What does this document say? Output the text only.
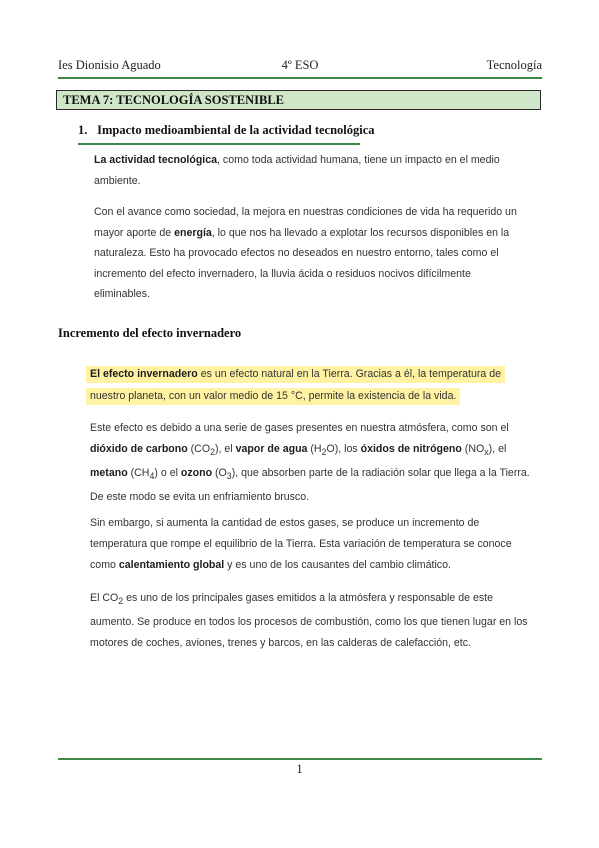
Ies Dionisio Aguado	4º ESO	Tecnología
TEMA 7: TECNOLOGÍA SOSTENIBLE
1. Impacto medioambiental de la actividad tecnológica
La actividad tecnológica, como toda actividad humana, tiene un impacto en el medio ambiente.
Con el avance como sociedad, la mejora en nuestras condiciones de vida ha requerido un mayor aporte de energía, lo que nos ha llevado a explotar los recursos disponibles en la naturaleza. Esto ha provocado efectos no deseados en nuestro entorno, tales como el incremento del efecto invernadero, la lluvia ácida o residuos nocivos difícilmente eliminables.
Incremento del efecto invernadero
El efecto invernadero es un efecto natural en la Tierra. Gracias a él, la temperatura de nuestro planeta, con un valor medio de 15 °C, permite la existencia de la vida.
Este efecto es debido a una serie de gases presentes en nuestra atmósfera, como son el dióxido de carbono $(CO_2)$, el vapor de agua $(H_2O)$, los óxidos de nitrógeno $(NO_x)$, el metano $(CH_4)$ o el ozono $(O_3)$, que absorben parte de la radiación solar que llega a la Tierra. De este modo se evita un enfriamiento brusco.
Sin embargo, si aumenta la cantidad de estos gases, se produce un incremento de temperatura que rompe el equilibrio de la Tierra. Esta variación de temperatura se conoce como calentamiento global y es uno de los causantes del cambio climático.
El $CO_2$ es uno de los principales gases emitidos a la atmósfera y responsable de este aumento. Se produce en todos los procesos de combustión, como los que tienen lugar en los motores de coches, aviones, trenes y barcos, en las calderas de calefacción, etc.
1
